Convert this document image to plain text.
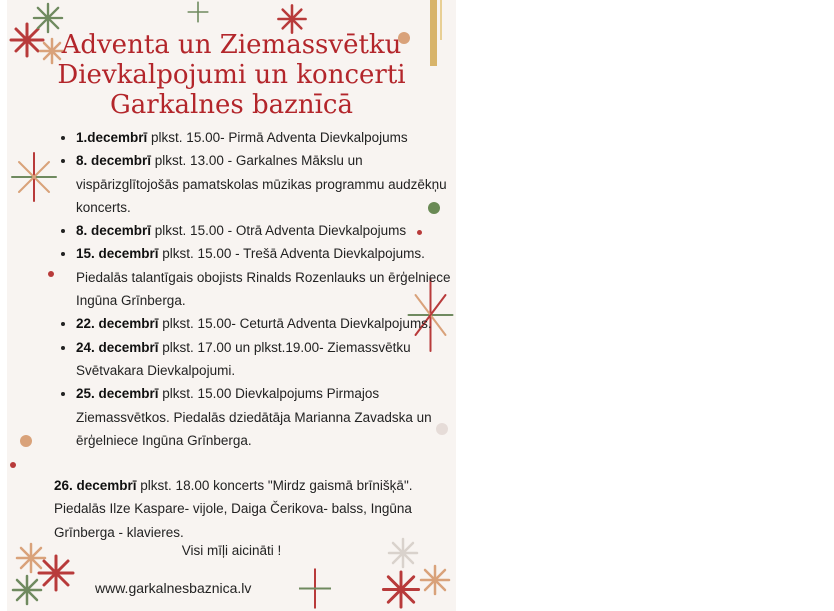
Adventa un Ziemassvētku
Dievkalpojumi un koncerti
Garkalnes baznīcā
• 1.decembrī plkst. 15.00- Pirmā Adventa Dievkalpojums
• 8. decembrī plkst. 13.00 - Garkalnes Mākslu un vispārizglītojošās pamatskolas mūzikas programmu audzēkņu koncerts.
• 8. decembrī plkst. 15.00 - Otrā Adventa Dievkalpojums
• 15. decembrī plkst. 15.00 - Trešā Adventa Dievkalpojums. Piedalās talantīgais obojists Rinalds Rozenlauks un ērģelniece Ingūna Grīnberga.
• 22. decembrī plkst. 15.00- Ceturtā Adventa Dievkalpojums.
• 24. decembrī plkst. 17.00 un plkst.19.00- Ziemassvētku Svētvakara Dievkalpojumi.
• 25. decembrī plkst. 15.00 Dievkalpojums Pirmajos Ziemassvētkos. Piedalās dziedātāja Marianna Zavadska un ērģelniece Ingūna Grīnberga.
26. decembrī plkst. 18.00 koncerts "Mirdz gaismā brīnišķā". Piedalās Ilze Kaspare- vijole, Daiga Čerikova- balss, Ingūna Grīnberga - klavieres.
Visi mīļi aicināti !
www.garkalnesbaznica.lv
